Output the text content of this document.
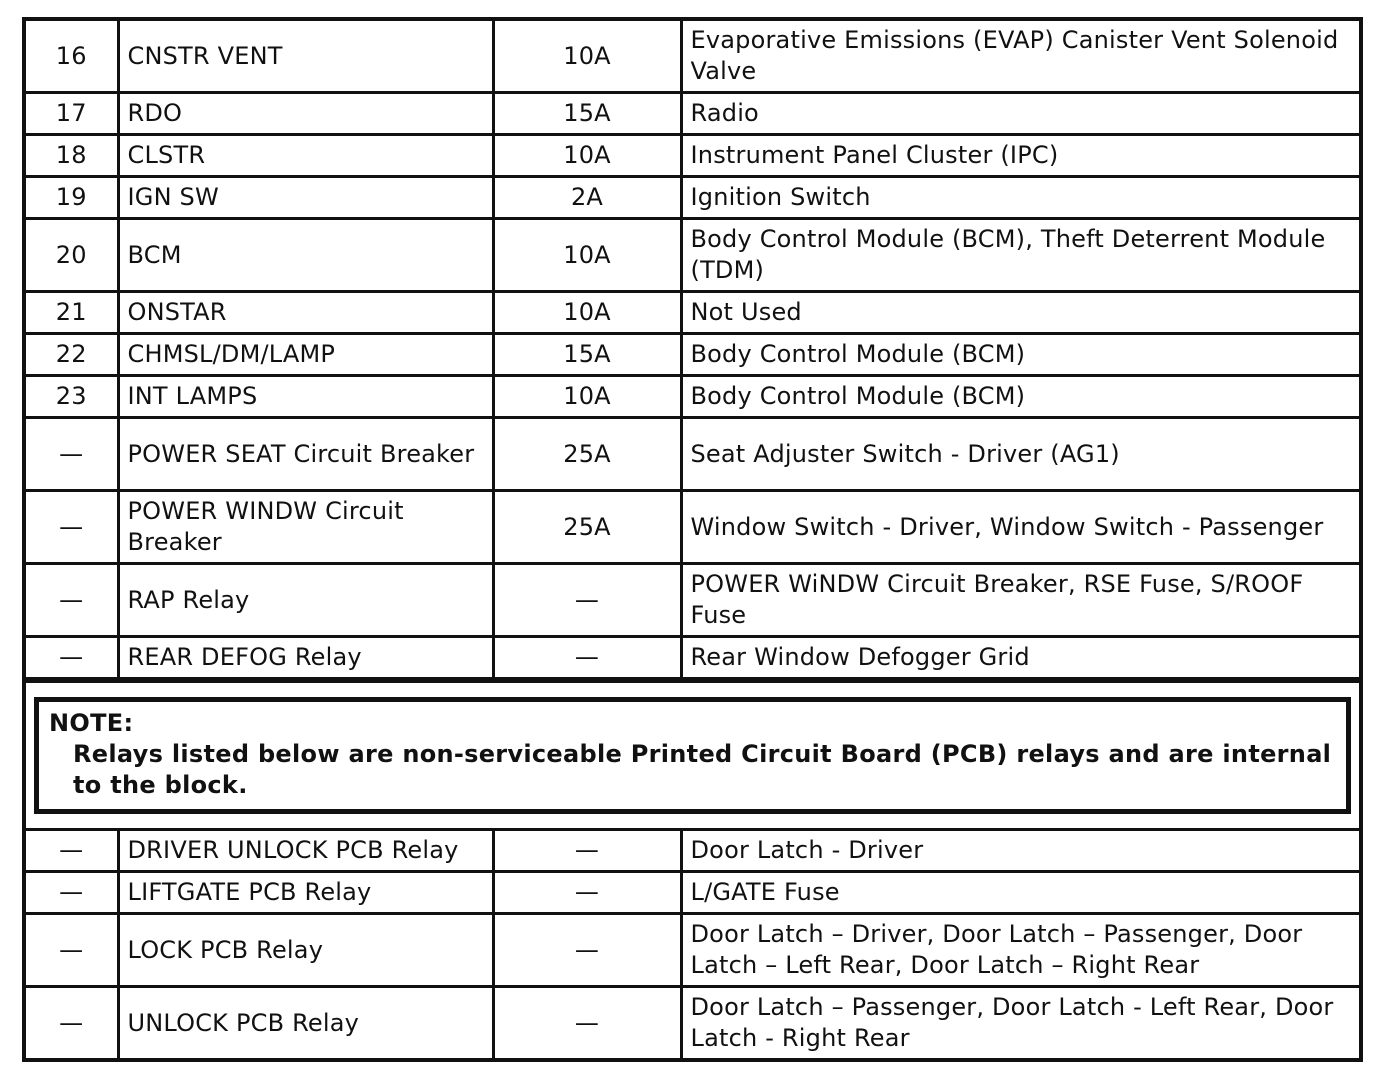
16	CNSTR VENT	10A	Evaporative Emissions (EVAP) Canister Vent Solenoid Valve
17	RDO	15A	Radio
18	CLSTR	10A	Instrument Panel Cluster (IPC)
19	IGN SW	2A	Ignition Switch
20	BCM	10A	Body Control Module (BCM), Theft Deterrent Module (TDM)
21	ONSTAR	10A	Not Used
22	CHMSL/DM/LAMP	15A	Body Control Module (BCM)
23	INT LAMPS	10A	Body Control Module (BCM)
—	POWER SEAT Circuit Breaker	25A	Seat Adjuster Switch - Driver (AG1)
—	POWER WINDW Circuit Breaker	25A	Window Switch - Driver, Window Switch - Passenger
—	RAP Relay	—	POWER WiNDW Circuit Breaker, RSE Fuse, S/ROOF Fuse
—	REAR DEFOG Relay	—	Rear Window Defogger Grid
NOTE:
Relays listed below are non-serviceable Printed Circuit Board (PCB) relays and are internal to the block.
—	DRIVER UNLOCK PCB Relay	—	Door Latch - Driver
—	LIFTGATE PCB Relay	—	L/GATE Fuse
—	LOCK PCB Relay	—	Door Latch – Driver, Door Latch – Passenger, Door Latch – Left Rear, Door Latch – Right Rear
—	UNLOCK PCB Relay	—	Door Latch – Passenger, Door Latch - Left Rear, Door Latch - Right Rear
